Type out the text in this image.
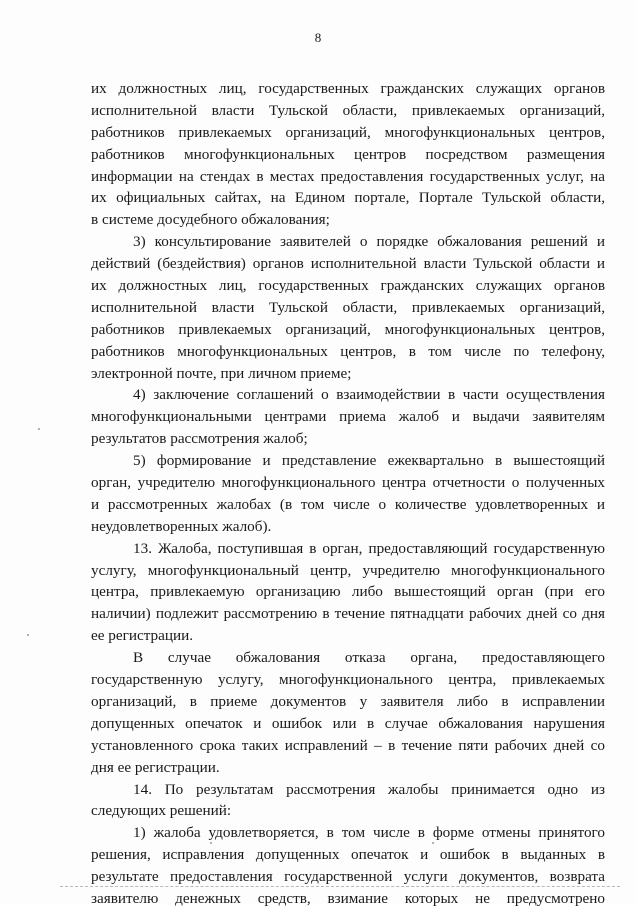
8
их должностных лиц, государственных гражданских служащих органов
исполнительной власти Тульской области, привлекаемых организаций,
работников привлекаемых организаций, многофункциональных центров,
работников многофункциональных центров посредством размещения
информации на стендах в местах предоставления государственных услуг, на
их официальных сайтах, на Едином портале, Портале Тульской области,
в системе досудебного обжалования;
3) консультирование заявителей о порядке обжалования решений и
действий (бездействия) органов исполнительной власти Тульской области и
их должностных лиц, государственных гражданских служащих органов
исполнительной власти Тульской области, привлекаемых организаций,
работников привлекаемых организаций, многофункциональных центров,
работников многофункциональных центров, в том числе по телефону,
электронной почте, при личном приеме;
4) заключение соглашений о взаимодействии в части осуществления
многофункциональными центрами приема жалоб и выдачи заявителям
результатов рассмотрения жалоб;
5) формирование и представление ежеквартально в вышестоящий
орган, учредителю многофункционального центра отчетности о полученных
и рассмотренных жалобах (в том числе о количестве удовлетворенных и
неудовлетворенных жалоб).
13. Жалоба, поступившая в орган, предоставляющий государственную
услугу, многофункциональный центр, учредителю многофункционального
центра, привлекаемую организацию либо вышестоящий орган (при его
наличии) подлежит рассмотрению в течение пятнадцати рабочих дней со дня
ее регистрации.
В случае обжалования отказа органа, предоставляющего
государственную услугу, многофункционального центра, привлекаемых
организаций, в приеме документов у заявителя либо в исправлении
допущенных опечаток и ошибок или в случае обжалования нарушения
установленного срока таких исправлений – в течение пяти рабочих дней со
дня ее регистрации.
14. По результатам рассмотрения жалобы принимается одно из
следующих решений:
1) жалоба удовлетворяется, в том числе в форме отмены принятого
решения, исправления допущенных опечаток и ошибок в выданных в
результате предоставления государственной услуги документов, возврата
заявителю денежных средств, взимание которых не предусмотрено
